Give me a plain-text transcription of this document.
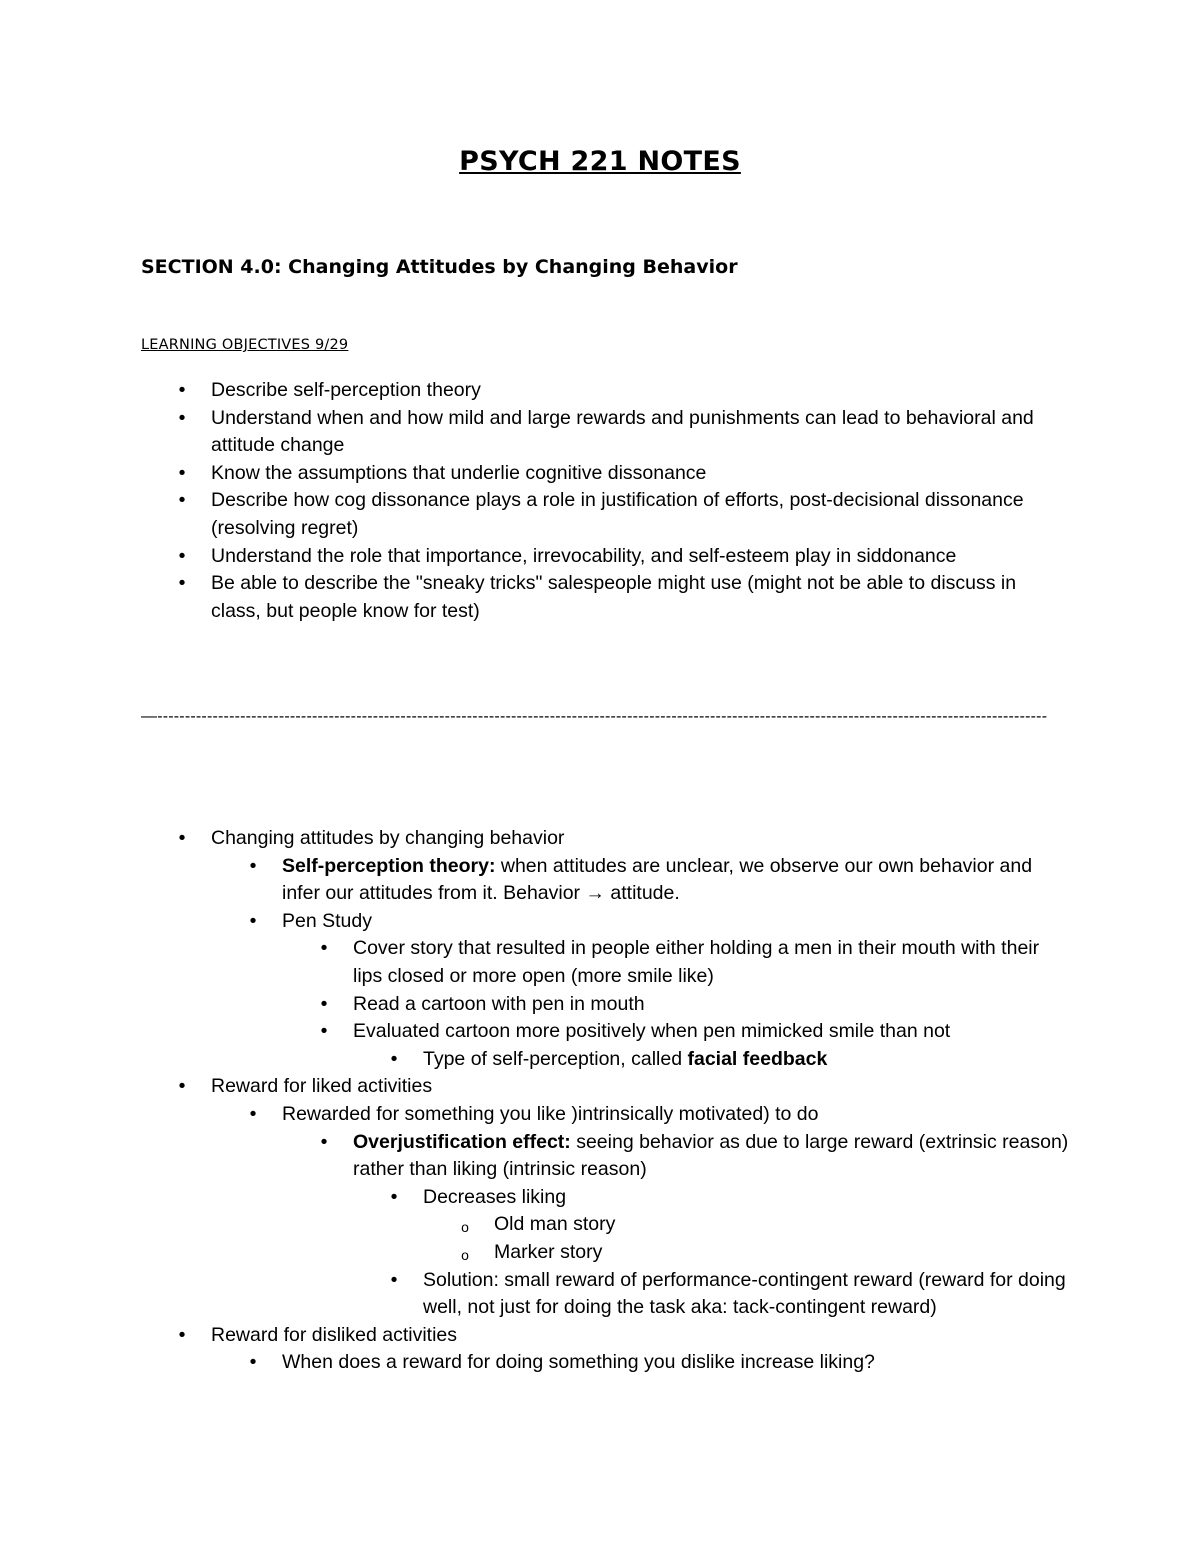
PSYCH 221 NOTES
SECTION 4.0: Changing Attitudes by Changing Behavior
LEARNING OBJECTIVES 9/29
•
Describe self-perception theory
•
Understand when and how mild and large rewards and punishments can lead to behavioral and attitude change
•
Know the assumptions that underlie cognitive dissonance
•
Describe how cog dissonance plays a role in justification of efforts, post-decisional dissonance (resolving regret)
•
Understand the role that importance, irrevocability, and self-esteem play in siddonance
•
Be able to describe the "sneaky tricks" salespeople might use (might not be able to discuss in class, but people know for test)
—-----------------------------------------------------------------------------------------------------------------------------------------------------------------
•
Changing attitudes by changing behavior
•
Self-perception theory: when attitudes are unclear, we observe our own behavior and infer our attitudes from it. Behavior → attitude.
•
Pen Study
•
Cover story that resulted in people either holding a men in their mouth with their lips closed or more open (more smile like)
•
Read a cartoon with pen in mouth
•
Evaluated cartoon more positively when pen mimicked smile than not
•
Type of self-perception, called facial feedback
•
Reward for liked activities
•
Rewarded for something you like )intrinsically motivated) to do
•
Overjustification effect: seeing behavior as due to large reward (extrinsic reason) rather than liking (intrinsic reason)
•
Decreases liking
o
Old man story
o
Marker story
•
Solution: small reward of performance-contingent reward (reward for doing well, not just for doing the task aka: tack-contingent reward)
•
Reward for disliked activities
•
When does a reward for doing something you dislike increase liking?
